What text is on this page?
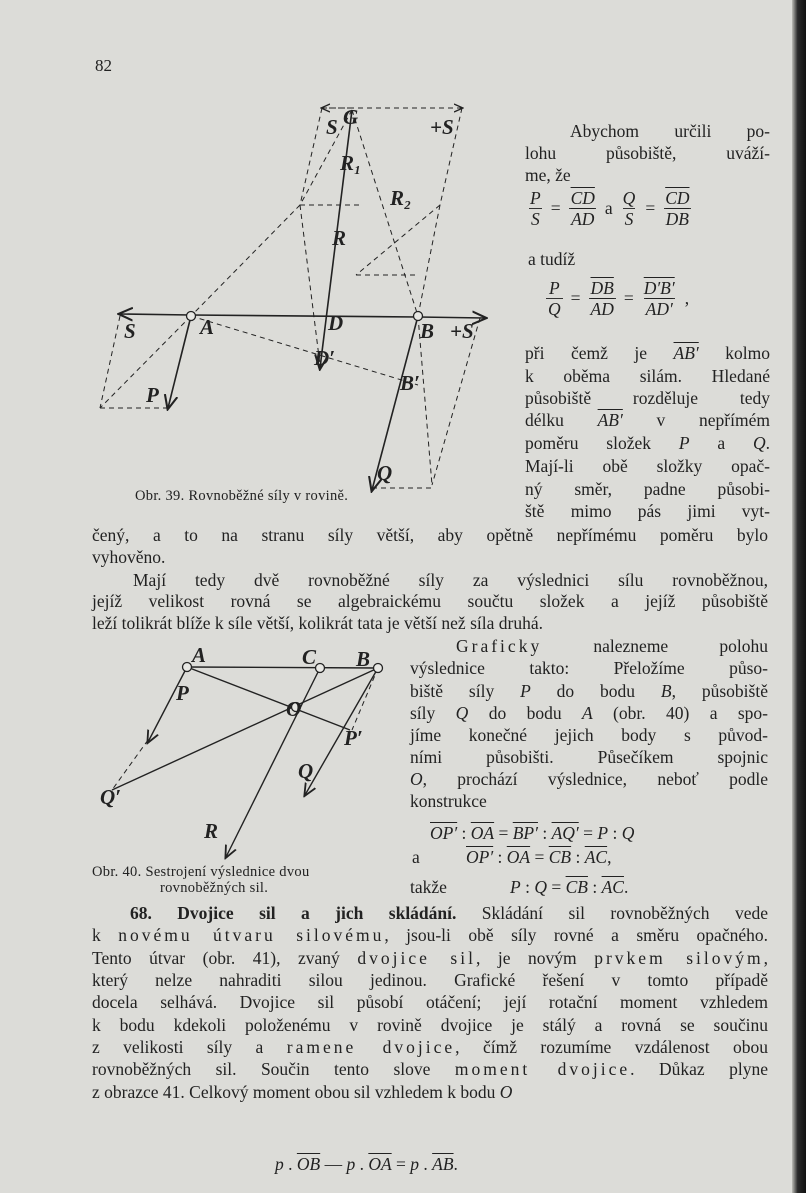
82
G
S	+S
R₁
R₂
R
D
D′
A	B
B′
S	+S
P
Q
A	C B
P
O
P′
Q
Q′
R
Obr. 39. Rovnoběžné síly v rovině.
Obr. 40. Sestrojení výslednice dvou
rovnoběžných sil.
$\frac{P}{S} = \frac{\overline{CD}}{AD}$ a $\frac{Q}{S} = \frac{\overline{CD}}{DB}$
$\frac{P}{Q} = \frac{\overline{DB}}{AD} = \frac{D'B'}{AD'}$ ,
Abychom určili po-
lohu působiště, uváží-
me, že
a tudíž
při čemž je AB′ kolmo
k oběma silám. Hledané
působiště rozděluje tedy
délku AB′ v nepřímém
poměru složek P a Q.
Mají-li obě složky opač-
ný směr, padne působi-
ště mimo pás jimi vyt-
čený, a to na stranu síly větší, aby opětně nepřímému poměru bylo
vyhověno.
Mají tedy dvě rovnoběžné síly za výslednici sílu rovnoběžnou,
jejíž velikost rovná se algebraickému součtu složek a jejíž působiště
leží tolikrát blíže k síle větší, kolikrát tata je větší než síla druhá.
Graficky nalezneme polohu
výslednice takto: Přeložíme půso-
biště síly P do bodu B, působiště
síly Q do bodu A (obr. 40) a spo-
jíme konečné jejich body s původ-
ními působišti. Půsečíkem spojnic
O, prochází výslednice, neboť podle
konstrukce
68. Dvojice sil a jich skládání. Skládání sil rovnoběžných vede
k novému útvaru silovému, jsou-li obě síly rovné a směru opačného.
Tento útvar (obr. 41), zvaný dvojice sil, je novým prvkem silovým,
který nelze nahraditi silou jedinou. Grafické řešení v tomto případě
docela selhává. Dvojice sil působí otáčení; její rotační moment vzhledem
k bodu kdekoli položenému v rovině dvojice je stálý a rovná se součinu
z velikosti síly a ramene dvojice, čímž rozumíme vzdálenost obou
rovnoběžných sil. Součin tento slove moment dvojice. Důkaz plyne
z obrazce 41. Celkový moment obou sil vzhledem k bodu O
OP′ : $\overline{OA} = BP'$ : AQ′ = P : Q
a	OP′ : $\overline{OA} = \overline{CB}$ : $\overline{AC}$,
takže	P : $Q = \overline{CB}$ : $\overline{AC}$.
p . $\overline{OB}$ — p . $\overline{OA} = p$ . $\overline{AB}$.
